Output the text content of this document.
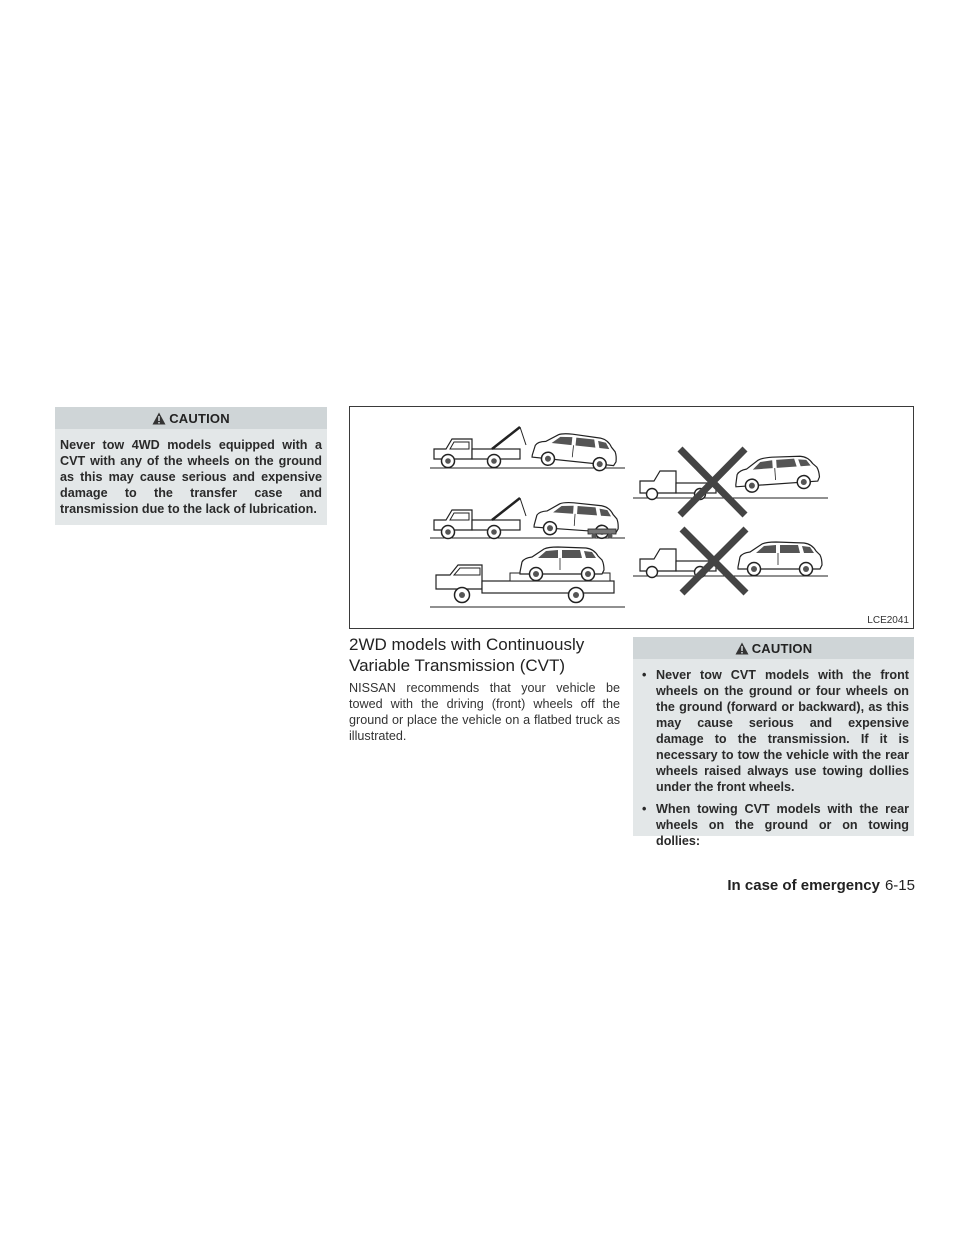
CAUTION
Never tow 4WD models equipped with a CVT with any of the wheels on the ground as this may cause serious and expensive damage to the transfer case and transmission due to the lack of lubrication.
LCE2041
2WD models with Continuously Variable Transmission (CVT)
NISSAN recommends that your vehicle be towed with the driving (front) wheels off the ground or place the vehicle on a flatbed truck as illustrated.
CAUTION
• Never tow CVT models with the front wheels on the ground or four wheels on the ground (forward or backward), as this may cause serious and expensive damage to the transmission. If it is necessary to tow the vehicle with the rear wheels raised always use towing dollies under the front wheels.
• When towing CVT models with the rear wheels on the ground or on towing dollies:
In case of emergency 6-15
